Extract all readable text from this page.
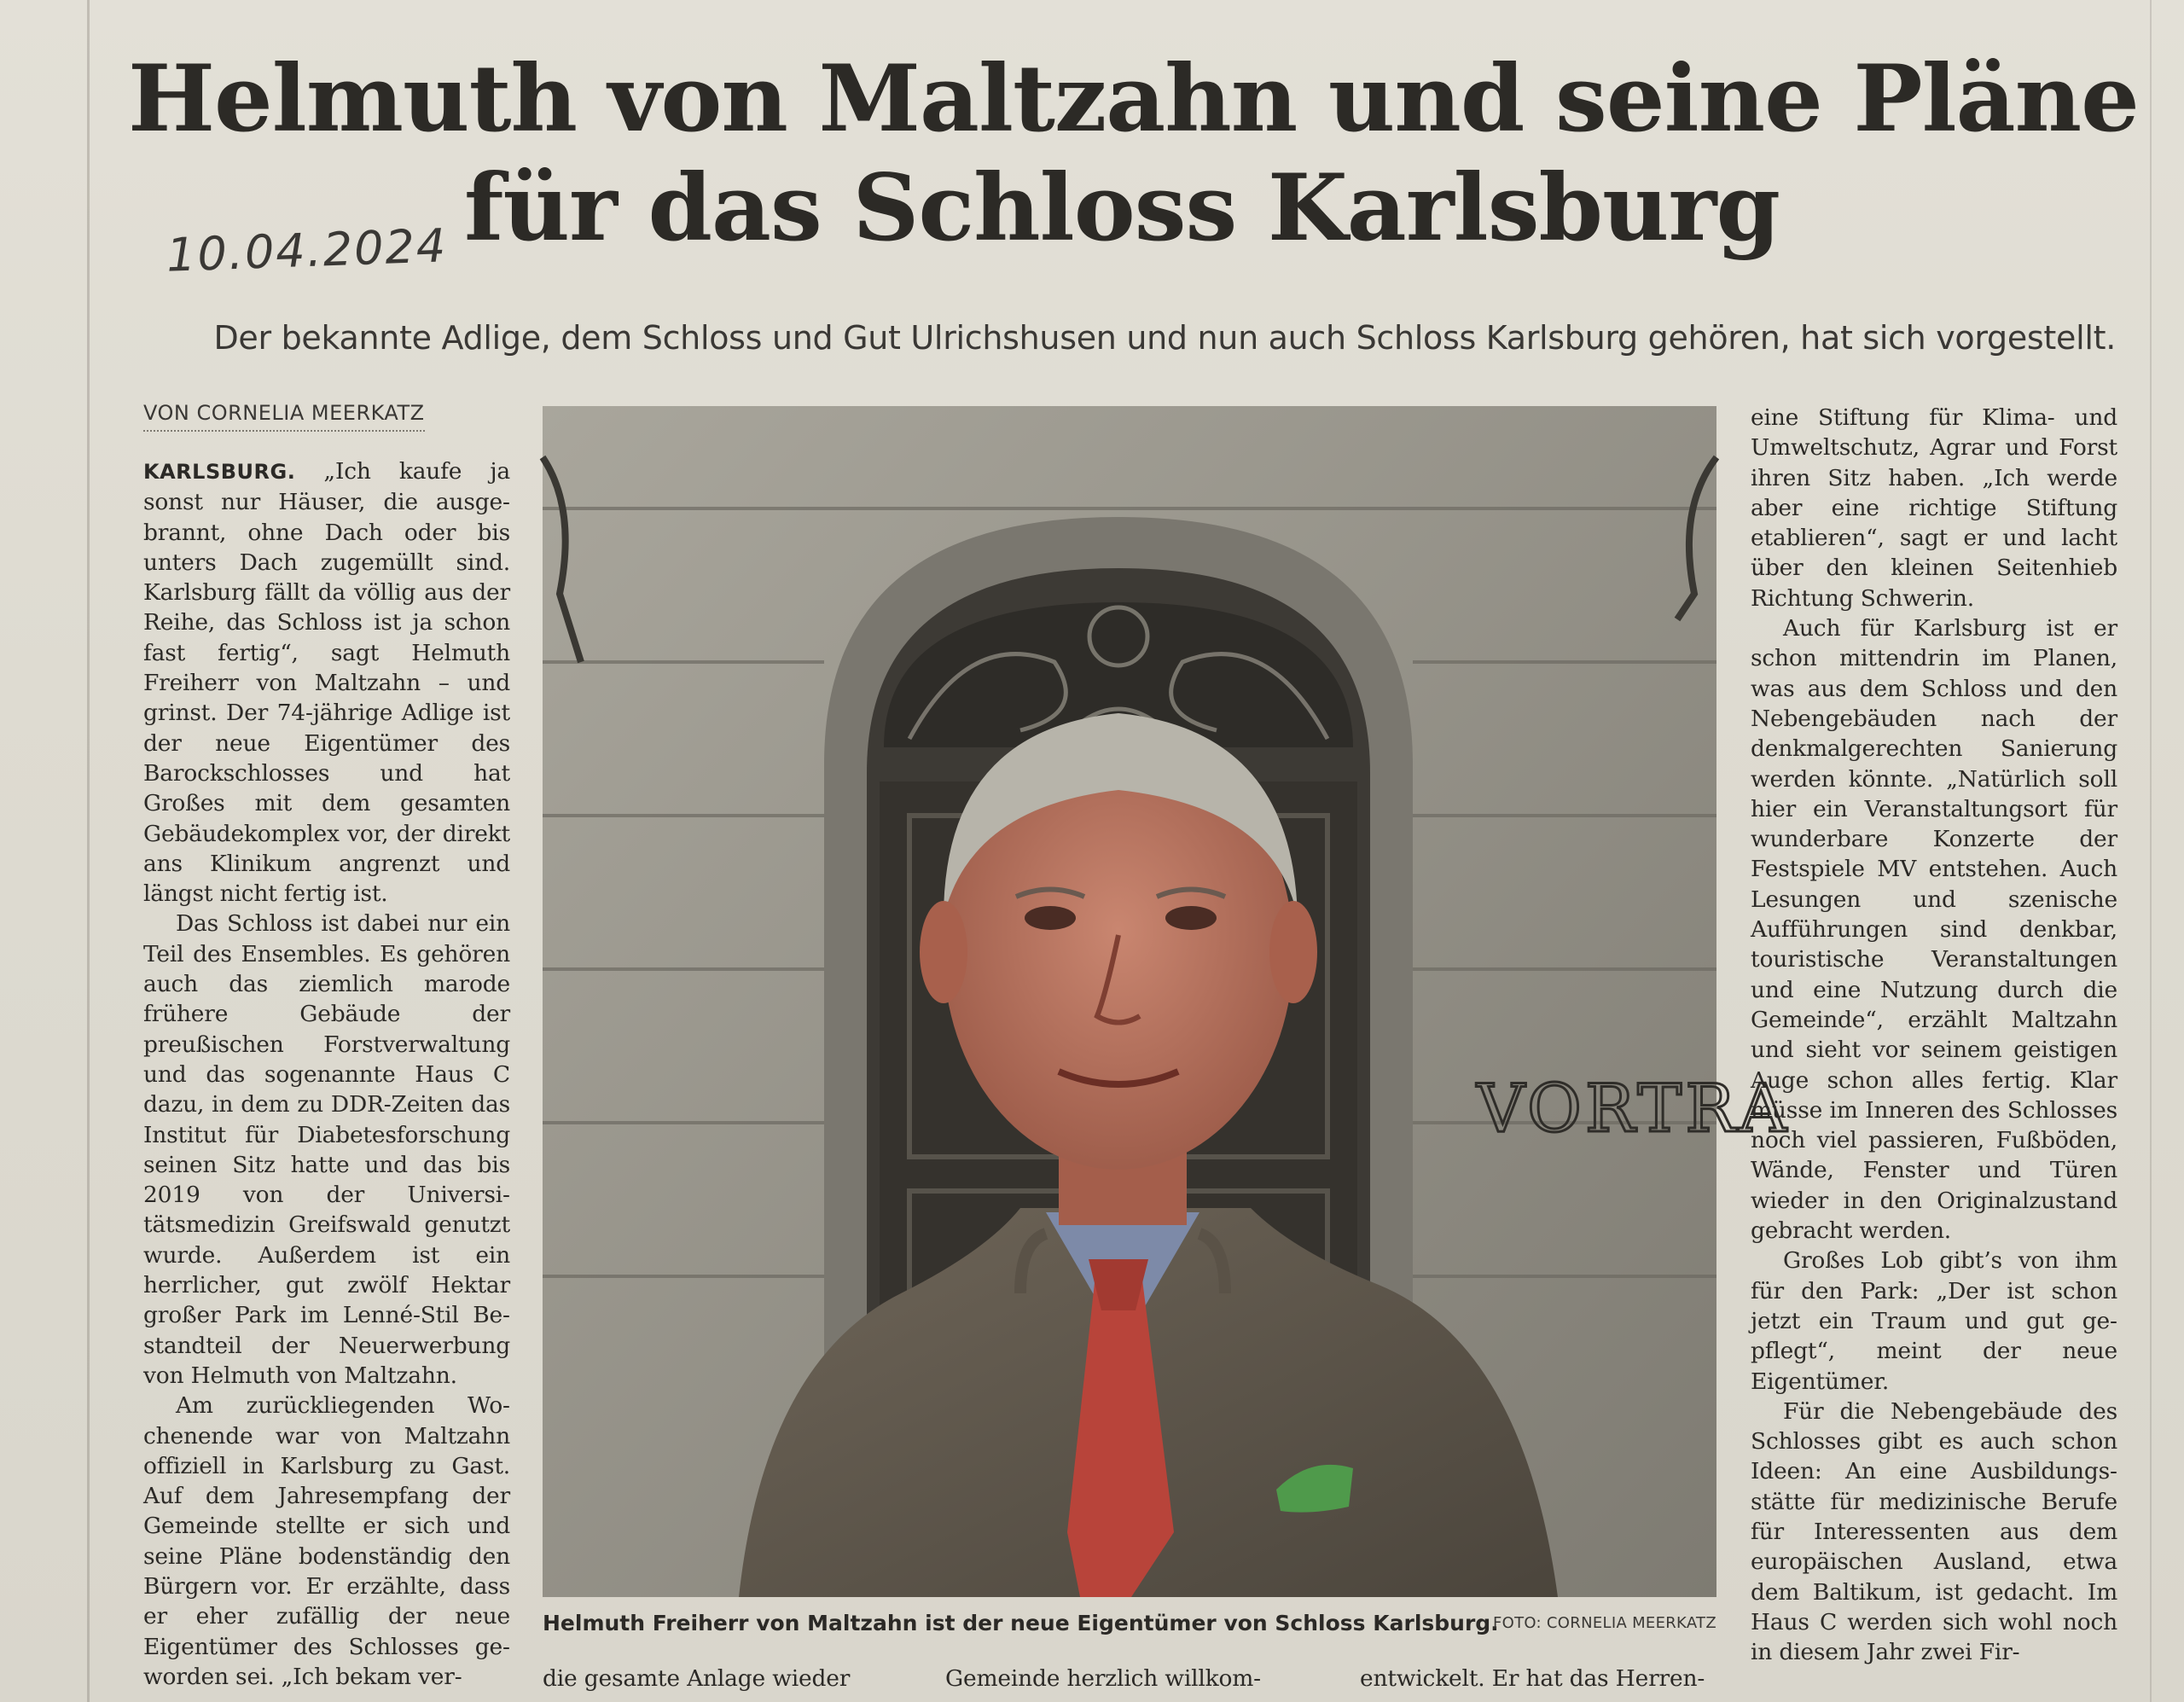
Helmuth von Maltzahn und seine Pläne
für das Schloss Karlsburg
10.04.2024

Der bekannte Adlige, dem Schloss und Gut Ulrichshusen und nun auch Schloss Karlsburg gehören, hat sich vorgestellt.

VON CORNELIA MEERKATZ

KARLSBURG. „Ich kaufe ja sonst nur Häuser, die ausgebrannt, ohne Dach oder bis unters Dach zugemüllt sind. Karlsburg fällt da völlig aus der Reihe, das Schloss ist ja schon fast fertig“, sagt Helmuth Freiherr von Maltzahn – und grinst. Der 74-jährige Adlige ist der neue Eigentümer des Barockschlosses und hat Großes mit dem gesamten Gebäudekomplex vor, der direkt ans Klinikum angrenzt und längst nicht fertig ist.

Das Schloss ist dabei nur ein Teil des Ensembles. Es gehören auch das ziemlich marode frühere Gebäude der preußischen Forstverwaltung und das sogenannte Haus C dazu, in dem zu DDR-Zeiten das Institut für Diabetesforschung seinen Sitz hatte und das bis 2019 von der Universitätsmedizin Greifswald genutzt wurde. Außerdem ist ein herrlicher, gut zwölf Hektar großer Park im Lenné-Stil Bestandteil der Neuerwerbung von Helmuth von Maltzahn.

Am zurückliegenden Wochenende war von Maltzahn offiziell in Karlsburg zu Gast. Auf dem Jahresempfang der Gemeinde stellte er sich und seine Pläne bodenständig den Bürgern vor. Er erzählte, dass er eher zufällig der neue Eigentümer des Schlosses geworden sei. „Ich bekam ver-

VORTRA
Helmuth Freiherr von Maltzahn ist der neue Eigentümer von Schloss Karlsburg.
FOTO: CORNELIA MEERKATZ

eine Stiftung für Klima- und Umweltschutz, Agrar und Forst ihren Sitz haben. „Ich werde aber eine richtige Stiftung etablieren“, sagt er und lacht über den kleinen Seitenhieb Richtung Schwerin.

Auch für Karlsburg ist er schon mittendrin im Planen, was aus dem Schloss und den Nebengebäuden nach der denkmalgerechten Sanierung werden könnte. „Natürlich soll hier ein Veranstaltungsort für wunderbare Konzerte der Festspiele MV entstehen. Auch Lesungen und szenische Aufführungen sind denkbar, touristische Veranstaltungen und eine Nutzung durch die Gemeinde“, erzählt Maltzahn und sieht vor seinem geistigen Auge schon alles fertig. Klar müsse im Inneren des Schlosses noch viel passieren, Fußböden, Wände, Fenster und Türen wieder in den Originalzustand gebracht werden.

Großes Lob gibt’s von ihm für den Park: „Der ist schon jetzt ein Traum und gut gepflegt“, meint der neue Eigentümer.

Für die Nebengebäude des Schlosses gibt es auch schon Ideen: An eine Ausbildungsstätte für medizinische Berufe für Interessenten aus dem europäischen Ausland, etwa dem Baltikum, ist gedacht. Im Haus C werden sich wohl noch in diesem Jahr zwei Fir-

die gesamte Anlage wieder	Gemeinde herzlich willkom-	entwickelt. Er hat das Herren-
